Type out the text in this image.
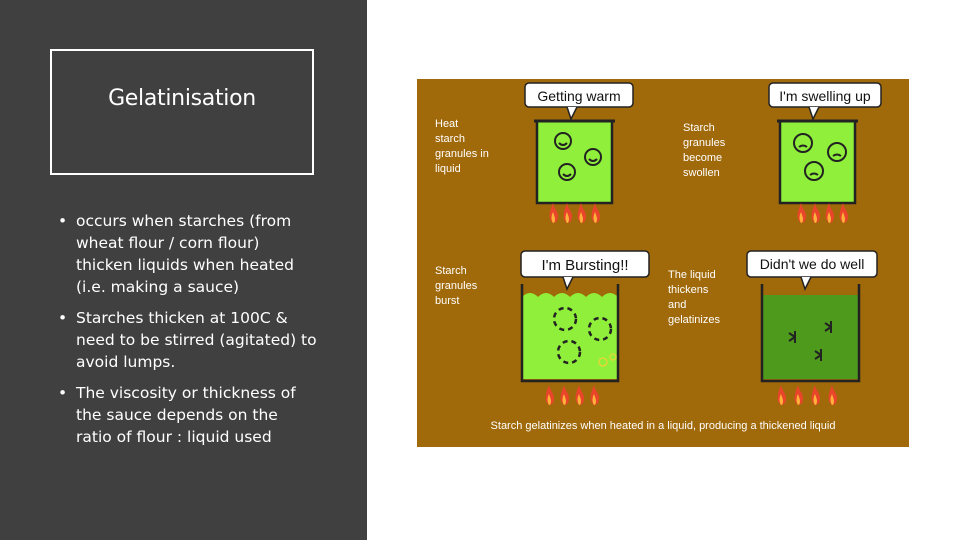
Gelatinisation
• occurs when starches (from wheat flour / corn flour) thicken liquids when heated (i.e. making a sauce)
• Starches thicken at 100C & need to be stirred (agitated) to avoid lumps.
• The viscosity or thickness of the sauce depends on the ratio of flour : liquid used
Getting warm	I'm swelling up
I'm Bursting!!	Didn't we do well
Heat
starch
granules in
liquid
Starch
granules
become
swollen
Starch
granules
burst
The liquid
thickens
and
gelatinizes
Starch gelatinizes when heated in a liquid, producing a thickened liquid
